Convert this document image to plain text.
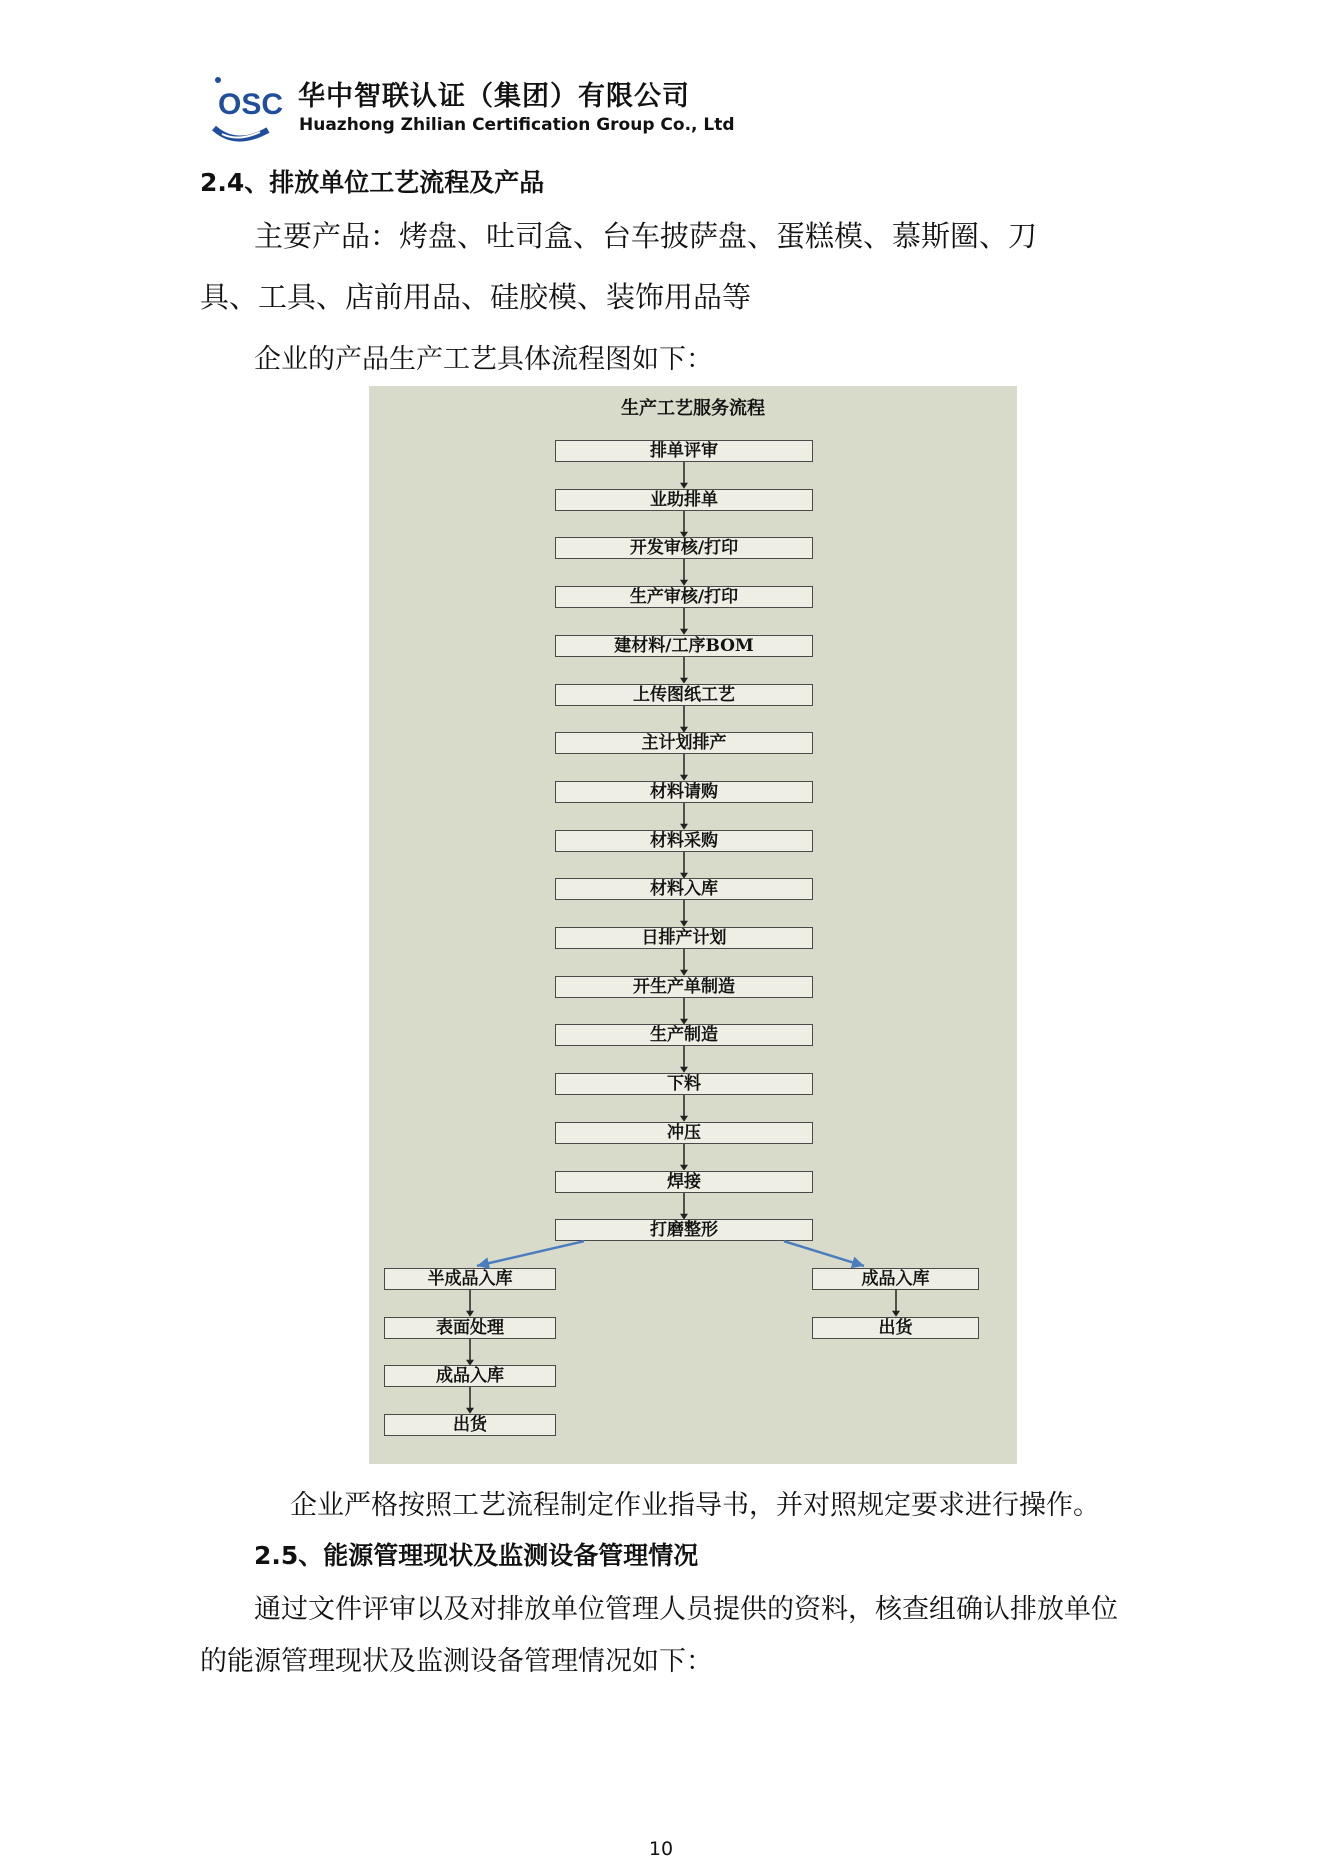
OSC 华中智联认证（集团）有限公司
Huazhong Zhilian Certification Group Co., Ltd
2.4、排放单位工艺流程及产品
主要产品：烤盘、吐司盒、台车披萨盘、蛋糕模、慕斯圈、刀
具、工具、店前用品、硅胶模、装饰用品等
企业的产品生产工艺具体流程图如下：
生产工艺服务流程
排单评审
业助排单
开发审核/打印
生产审核/打印
建材料/工序BOM
上传图纸工艺
主计划排产
材料请购
材料采购
材料入库
日排产计划
开生产单制造
生产制造
下料
冲压
焊接
打磨整形
半成品入库
表面处理
成品入库
出货
成品入库
出货
企业严格按照工艺流程制定作业指导书，并对照规定要求进行操作。
2.5、能源管理现状及监测设备管理情况
通过文件评审以及对排放单位管理人员提供的资料，核查组确认排放单位
的能源管理现状及监测设备管理情况如下：
10
